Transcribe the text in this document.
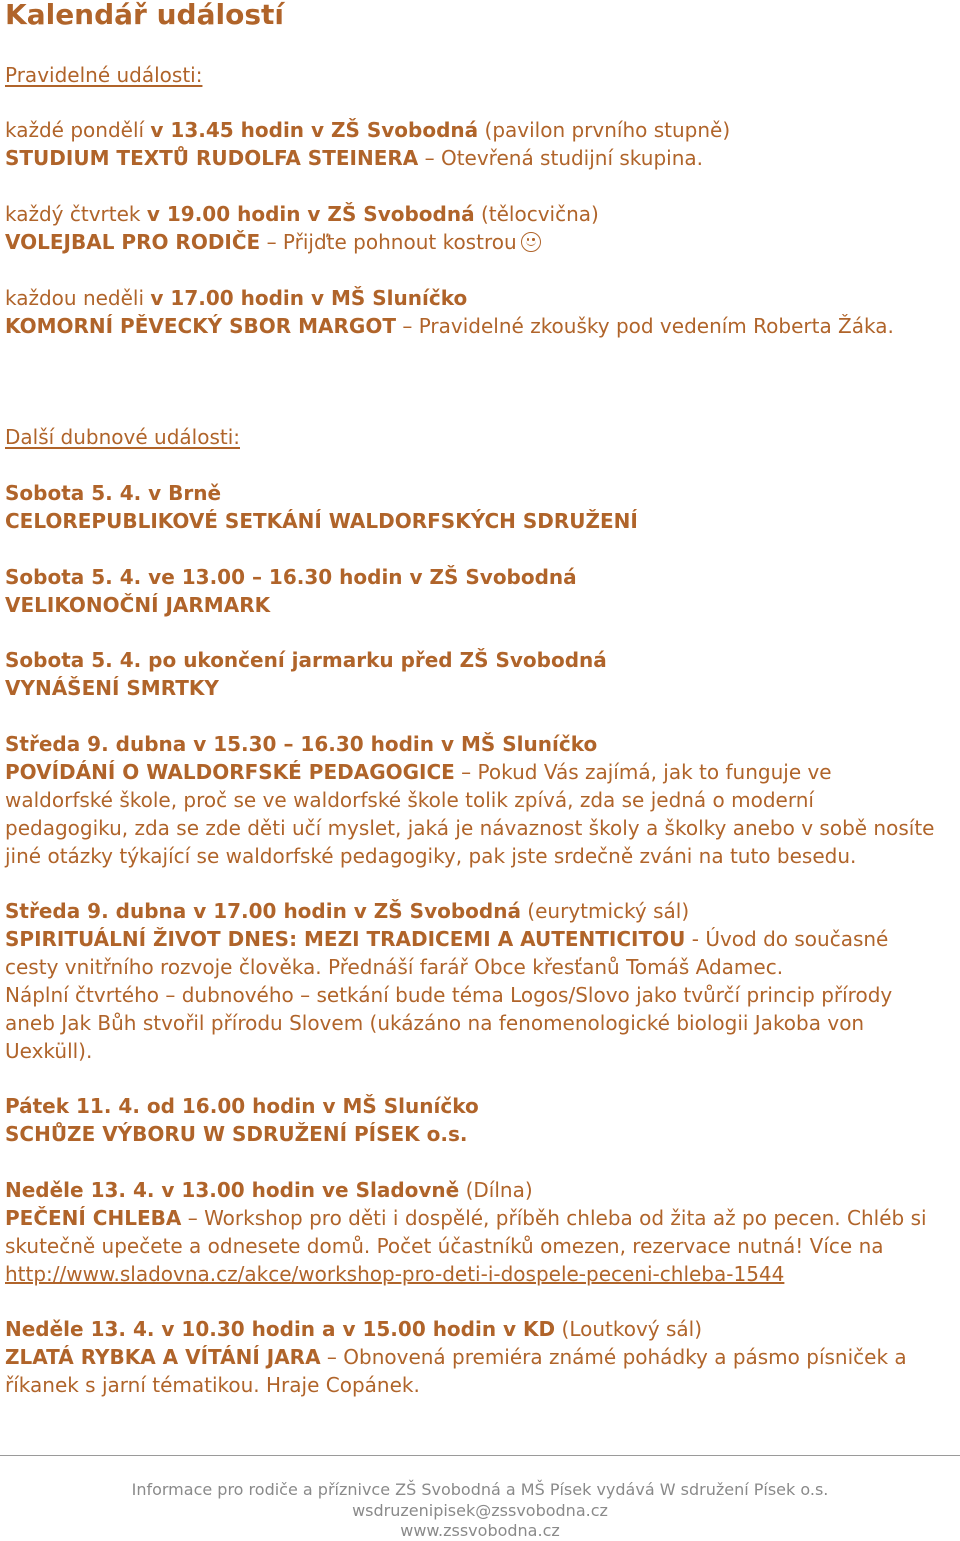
Kalendář událostí
Pravidelné události:
každé pondělí v 13.45 hodin v ZŠ Svobodná (pavilon prvního stupně)
STUDIUM TEXTŮ RUDOLFA STEINERA – Otevřená studijní skupina.
každý čtvrtek v 19.00 hodin v ZŠ Svobodná (tělocvična)
VOLEJBAL PRO RODIČE – Přijďte pohnout kostrou
každou neděli v 17.00 hodin v MŠ Sluníčko
KOMORNÍ PĚVECKÝ SBOR MARGOT – Pravidelné zkoušky pod vedením Roberta Žáka.
Další dubnové události:
Sobota 5. 4. v Brně
CELOREPUBLIKOVÉ SETKÁNÍ WALDORFSKÝCH SDRUŽENÍ
Sobota 5. 4. ve 13.00 – 16.30 hodin v ZŠ Svobodná
VELIKONOČNÍ JARMARK
Sobota 5. 4. po ukončení jarmarku před ZŠ Svobodná
VYNÁŠENÍ SMRTKY
Středa 9. dubna v 15.30 – 16.30 hodin v MŠ Sluníčko
POVÍDÁNÍ O WALDORFSKÉ PEDAGOGICE – Pokud Vás zajímá, jak to funguje ve
waldorfské škole, proč se ve waldorfské škole tolik zpívá, zda se jedná o moderní
pedagogiku, zda se zde děti učí myslet, jaká je návaznost školy a školky anebo v sobě nosíte
jiné otázky týkající se waldorfské pedagogiky, pak jste srdečně zváni na tuto besedu.
Středa 9. dubna v 17.00 hodin v ZŠ Svobodná (eurytmický sál)
SPIRITUÁLNÍ ŽIVOT DNES: MEZI TRADICEMI A AUTENTICITOU - Úvod do současné
cesty vnitřního rozvoje člověka. Přednáší farář Obce křesťanů Tomáš Adamec.
Náplní čtvrtého – dubnového – setkání bude téma Logos/Slovo jako tvůrčí princip přírody
aneb Jak Bůh stvořil přírodu Slovem (ukázáno na fenomenologické biologii Jakoba von
Uexküll).
Pátek 11. 4. od 16.00 hodin v MŠ Sluníčko
SCHŮZE VÝBORU W SDRUŽENÍ PÍSEK o.s.
Neděle 13. 4. v 13.00 hodin ve Sladovně (Dílna)
PEČENÍ CHLEBA – Workshop pro děti i dospělé, příběh chleba od žita až po pecen. Chléb si
skutečně upečete a odnesete domů. Počet účastníků omezen, rezervace nutná! Více na
http://www.sladovna.cz/akce/workshop-pro-deti-i-dospele-peceni-chleba-1544
Neděle 13. 4. v 10.30 hodin a v 15.00 hodin v KD (Loutkový sál)
ZLATÁ RYBKA A VÍTÁNÍ JARA – Obnovená premiéra známé pohádky a pásmo písniček a
říkanek s jarní tématikou. Hraje Copánek.

Informace pro rodiče a příznivce ZŠ Svobodná a MŠ Písek vydává W sdružení Písek o.s.

wsdruzenipisek@zssvobodna.cz

www.zssvobodna.cz
